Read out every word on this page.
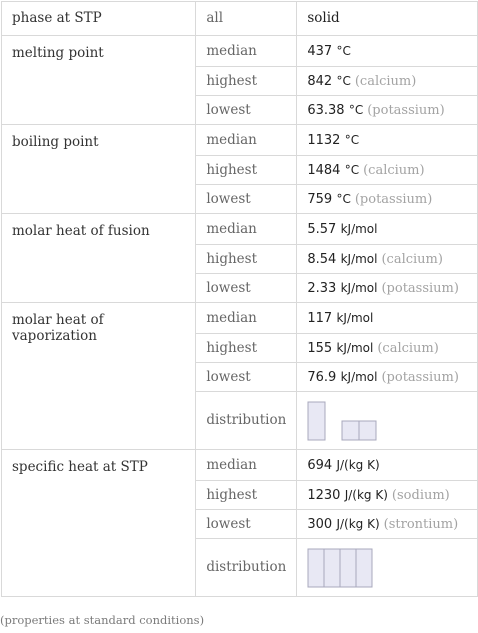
phase at STP	all	solid
melting point	median	437 °C
	highest	842 °C (calcium)
	lowest	63.38 °C (potassium)
boiling point	median	1132 °C
	highest	1484 °C (calcium)
	lowest	759 °C (potassium)
molar heat of fusion	median	5.57 kJ/mol
	highest	8.54 kJ/mol (calcium)
	lowest	2.33 kJ/mol (potassium)
molar heat of vaporization	median	117 kJ/mol
	highest	155 kJ/mol (calcium)
	lowest	76.9 kJ/mol (potassium)
	distribution	

specific heat at STP	median	694 J/(kg K)
	highest	1230 J/(kg K) (sodium)
	lowest	300 J/(kg K) (strontium)
	distribution	
(properties at standard conditions)
